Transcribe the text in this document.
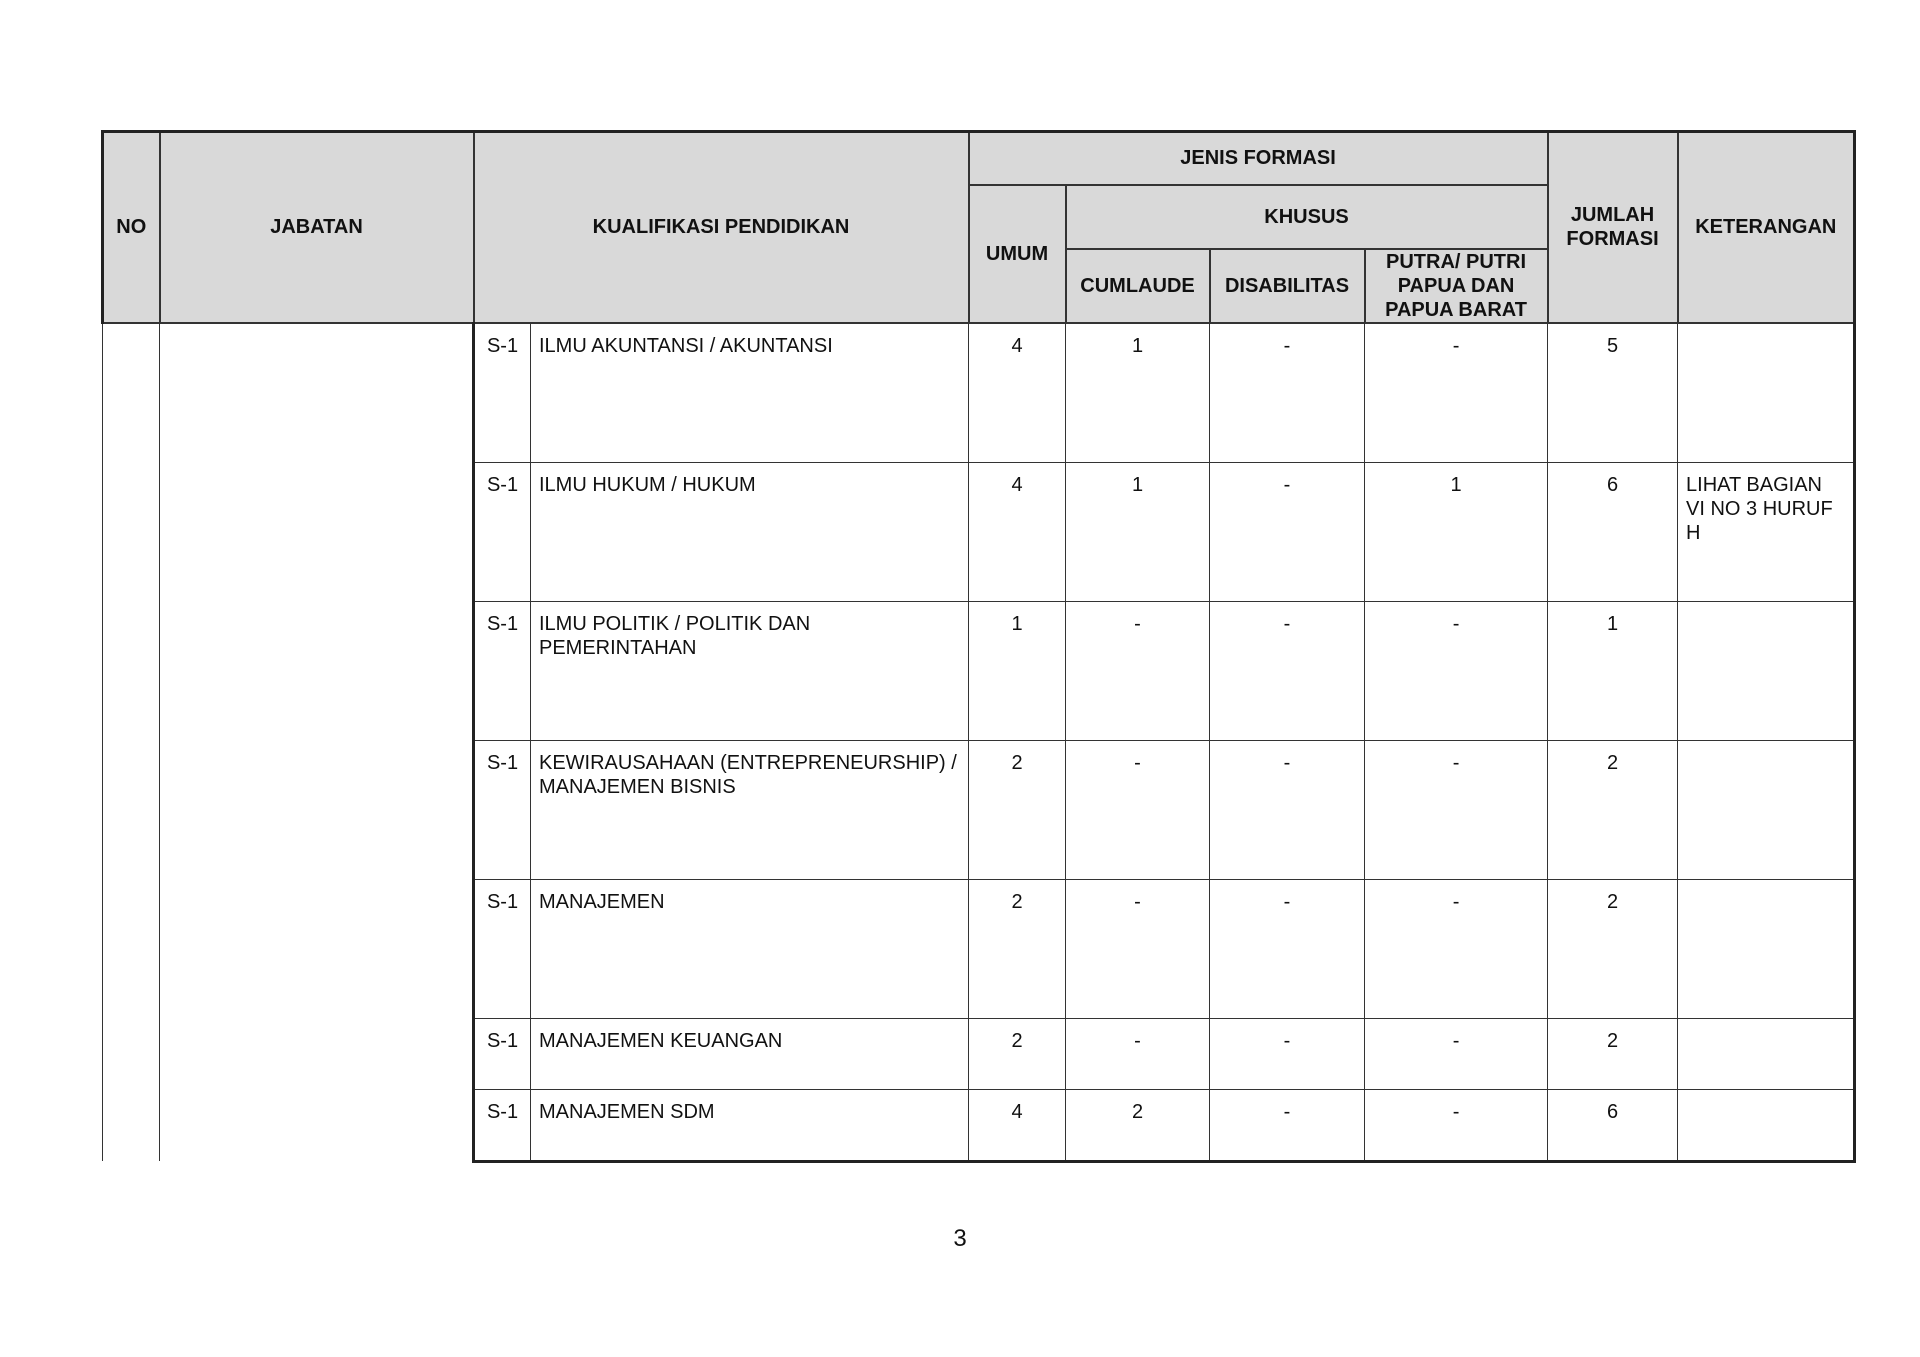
NO	JABATAN	KUALIFIKASI PENDIDIKAN		JENIS FORMASI				JUMLAH FORMASI	KETERANGAN
				UMUM	KHUSUS				
					CUMLAUDE	DISABILITAS	PUTRA/ PUTRI PAPUA DAN PAPUA BARAT		
		S-1	ILMU AKUNTANSI / AKUNTANSI	4	1	-	-	5	
		S-1	ILMU HUKUM / HUKUM	4	1	-	1	6	LIHAT BAGIAN VI NO 3 HURUF H
		S-1	ILMU POLITIK / POLITIK DAN PEMERINTAHAN	1	-	-	-	1	
		S-1	KEWIRAUSAHAAN (ENTREPRENEURSHIP) / MANAJEMEN BISNIS	2	-	-	-	2	
		S-1	MANAJEMEN	2	-	-	-	2	
		S-1	MANAJEMEN KEUANGAN	2	-	-	-	2	
		S-1	MANAJEMEN SDM	4	2	-	-	6	
3
